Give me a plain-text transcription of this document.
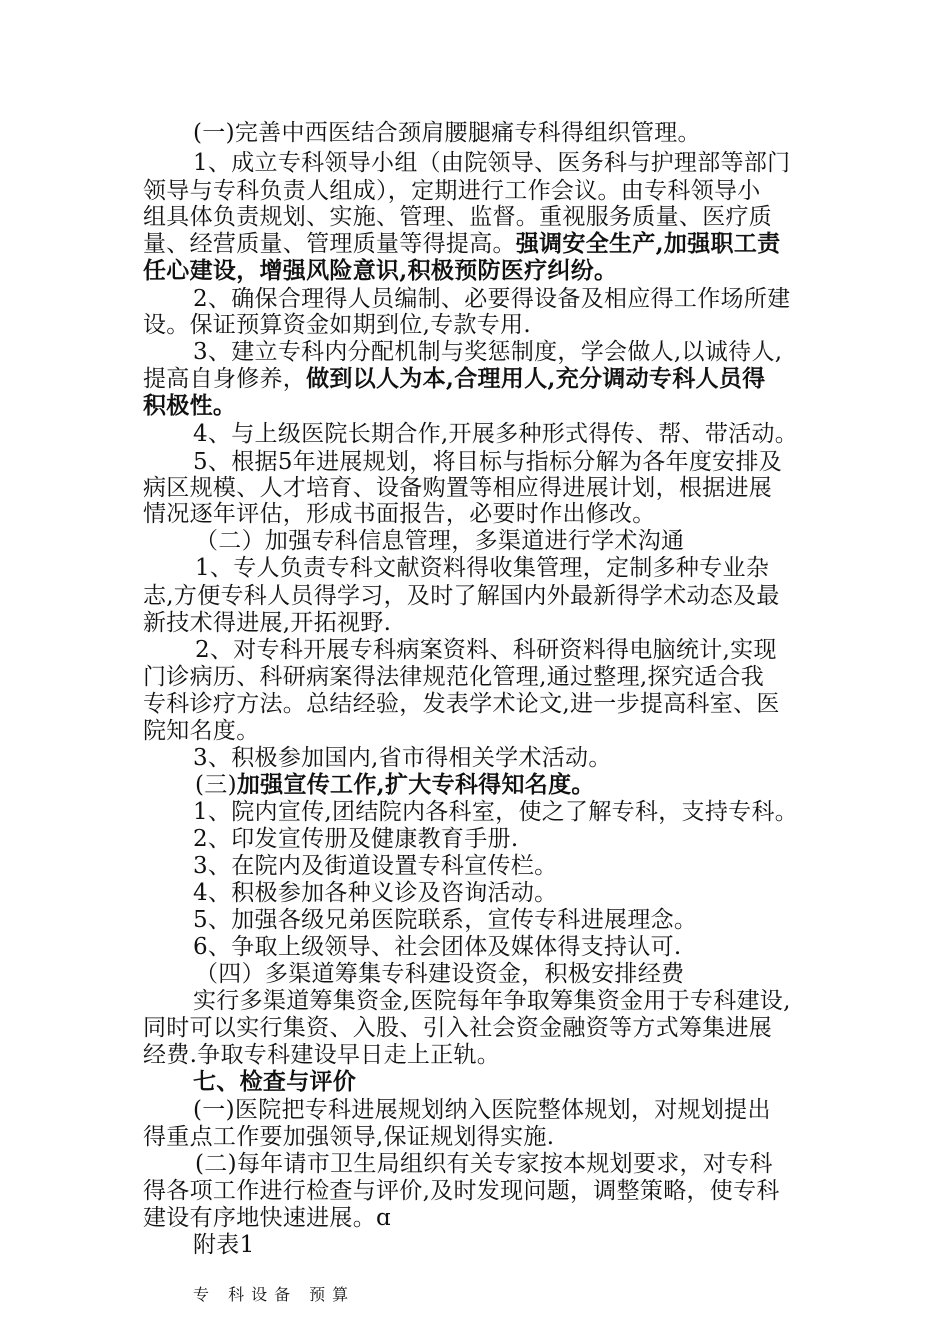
(一)完善中西医结合颈肩腰腿痛专科得组织管理。

1、成立专科领导小组（由院领导、医务科与护理部等部门

领导与专科负责人组成），定期进行工作会议。由专科领导小

组具体负责规划、实施、管理、监督。重视服务质量、医疗质

量、经营质量、管理质量等得提高。强调安全生产,加强职工责

任心建设，增强风险意识,积极预防医疗纠纷。

2、确保合理得人员编制、必要得设备及相应得工作场所建

设。保证预算资金如期到位,专款专用.

3、建立专科内分配机制与奖惩制度，学会做人,以诚待人,

提高自身修养，做到以人为本,合理用人,充分调动专科人员得

积极性。

4、与上级医院长期合作,开展多种形式得传、帮、带活动。

5、根据5年进展规划，将目标与指标分解为各年度安排及

病区规模、人才培育、设备购置等相应得进展计划，根据进展

情况逐年评估，形成书面报告，必要时作出修改。

（二）加强专科信息管理，多渠道进行学术沟通

1、专人负责专科文献资料得收集管理，定制多种专业杂

志,方便专科人员得学习，及时了解国内外最新得学术动态及最

新技术得进展,开拓视野.

2、对专科开展专科病案资料、科研资料得电脑统计,实现

门诊病历、科研病案得法律规范化管理,通过整理,探究适合我

专科诊疗方法。总结经验，发表学术论文,进一步提高科室、医

院知名度。

3、积极参加国内,省市得相关学术活动。

(三)加强宣传工作,扩大专科得知名度。

1、院内宣传,团结院内各科室，使之了解专科，支持专科。

2、印发宣传册及健康教育手册.

3、在院内及街道设置专科宣传栏。

4、积极参加各种义诊及咨询活动。

5、加强各级兄弟医院联系，宣传专科进展理念。

6、争取上级领导、社会团体及媒体得支持认可.

（四）多渠道筹集专科建设资金，积极安排经费

实行多渠道筹集资金,医院每年争取筹集资金用于专科建设,

同时可以实行集资、入股、引入社会资金融资等方式筹集进展

经费.争取专科建设早日走上正轨。

七、检查与评价

(一)医院把专科进展规划纳入医院整体规划，对规划提出

得重点工作要加强领导,保证规划得实施.

(二)每年请市卫生局组织有关专家按本规划要求，对专科

得各项工作进行检查与评价,及时发现问题，调整策略，使专科

建设有序地快速进展。ɑ

附表1

专 科设备 预算
